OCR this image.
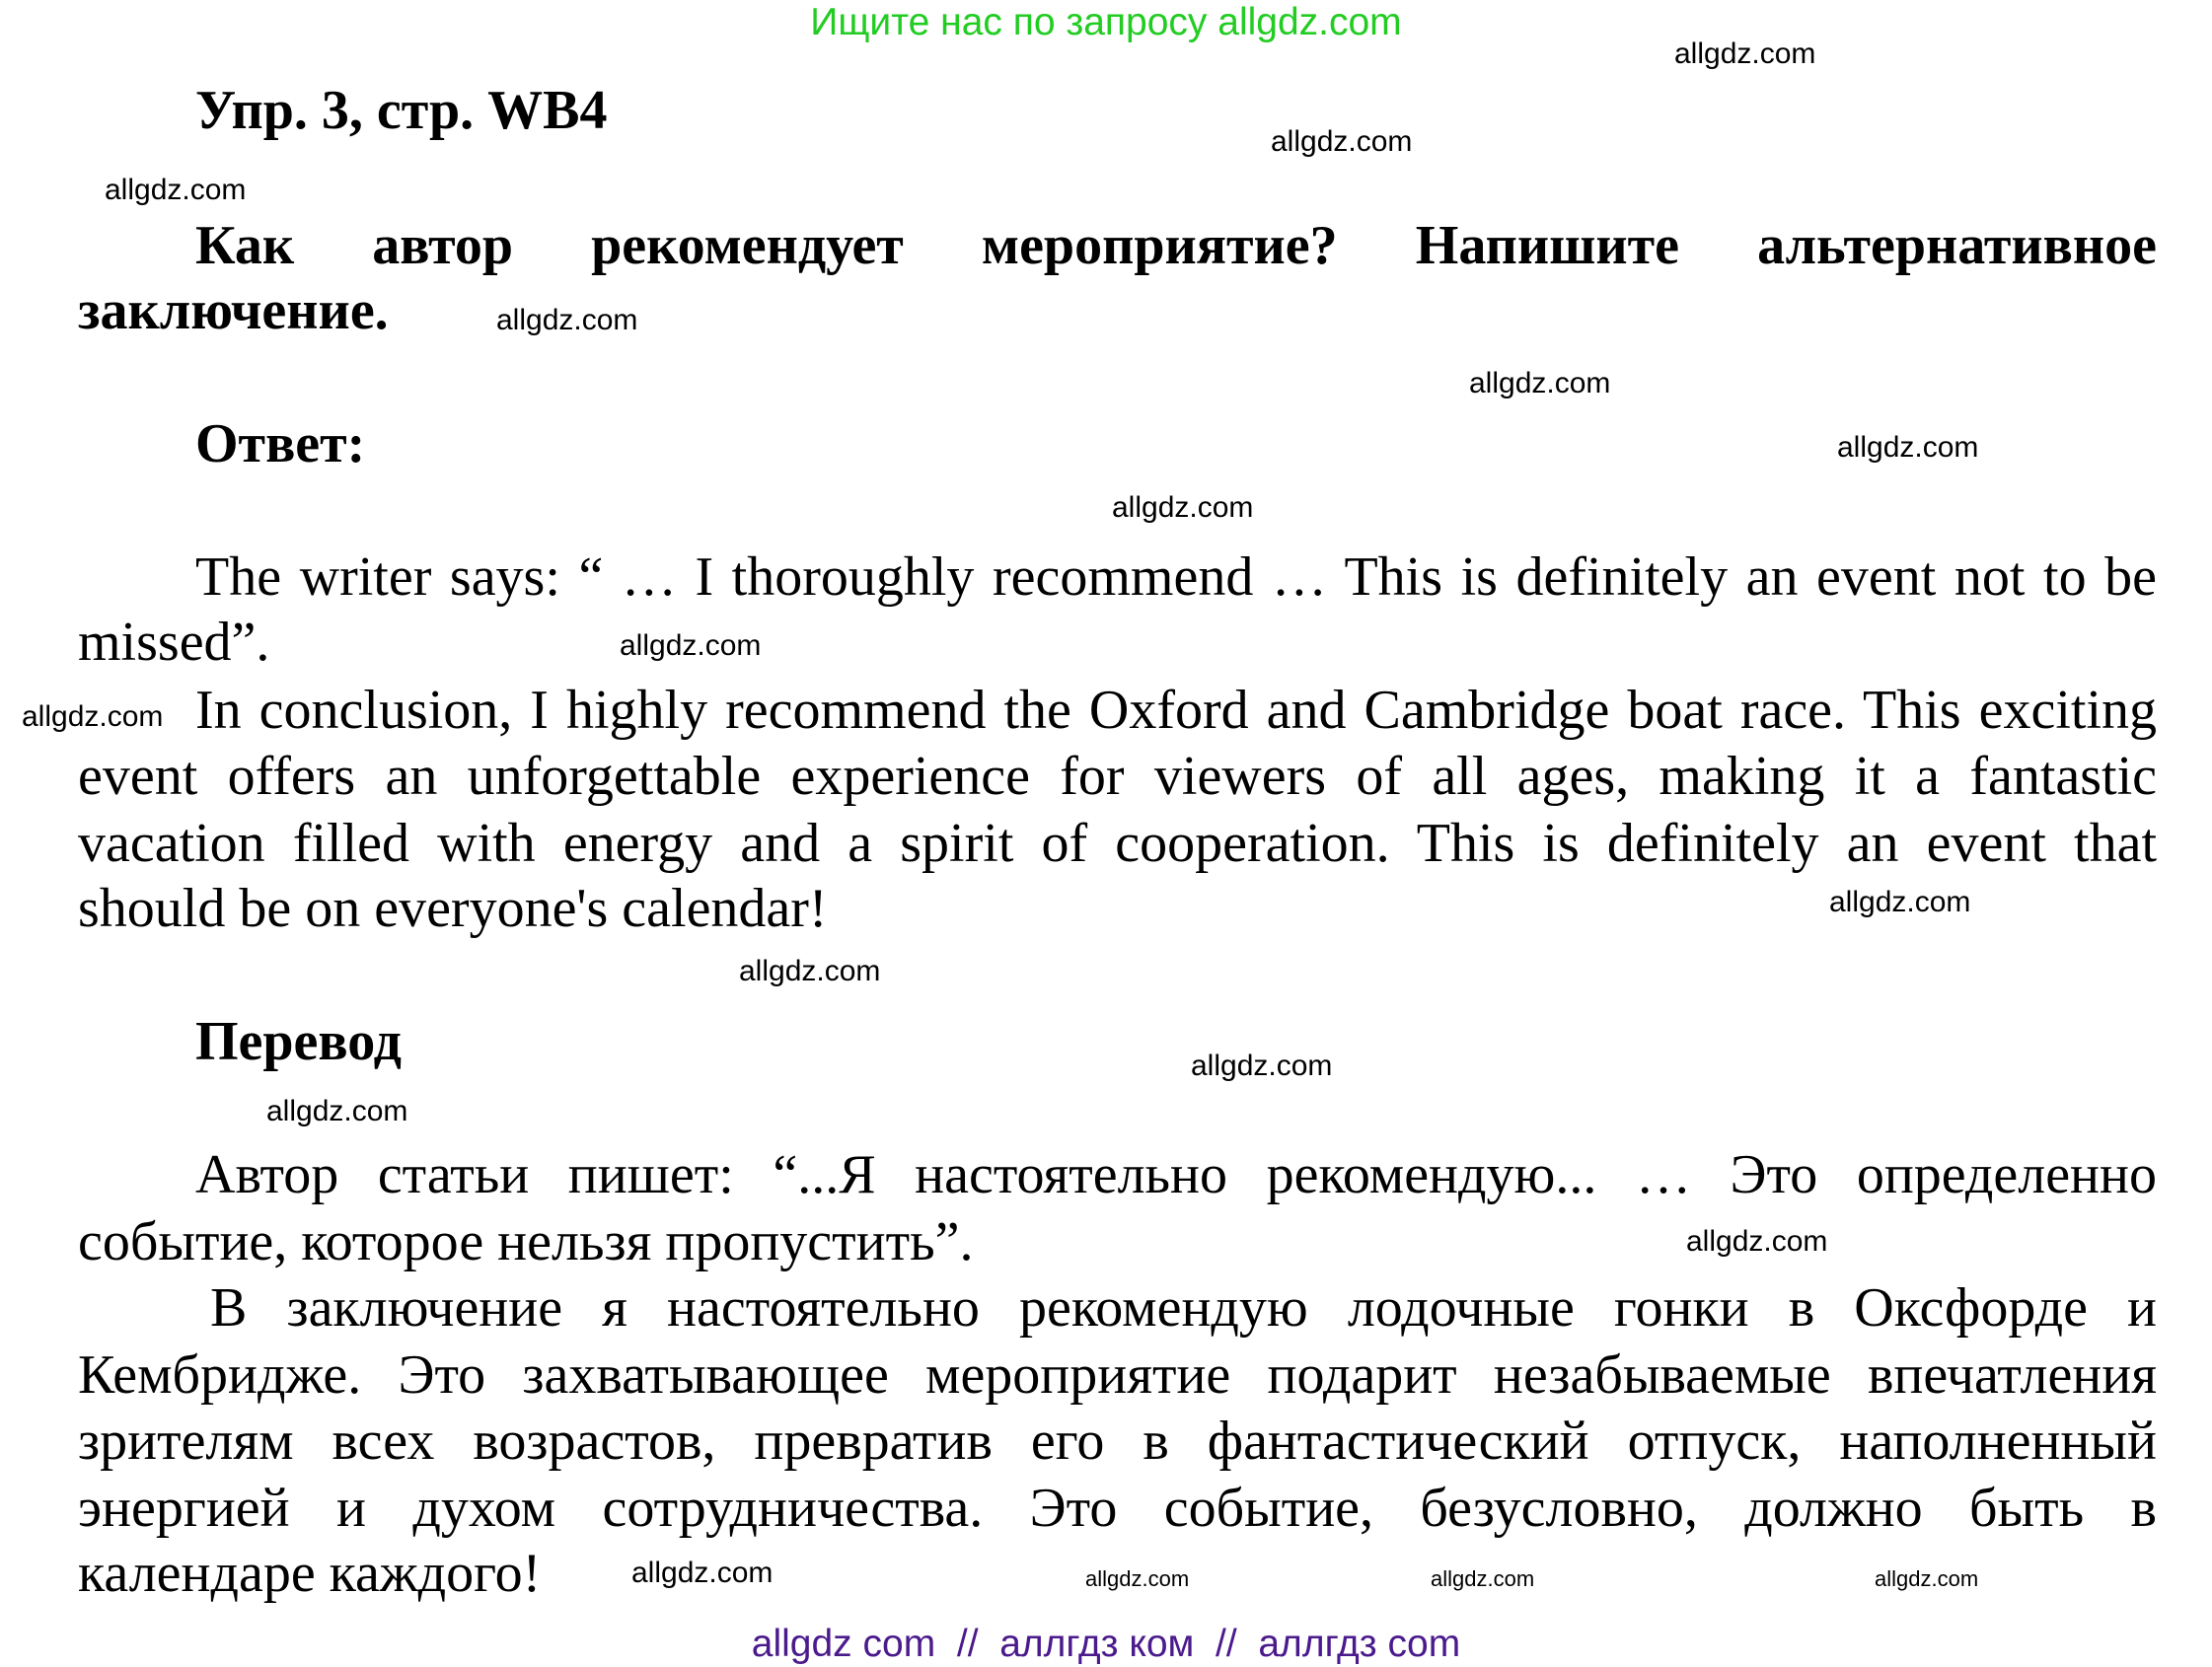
Ищите нас по запросу allgdz.com
Упр. 3, стр. WB4
Как автор рекомендует мероприятие? Напишите альтернативное
заключение.
Ответ:
The writer says: “ … I thoroughly recommend … This is definitely an event not to be
missed”.
In conclusion, I highly recommend the Oxford and Cambridge boat race. This exciting
event offers an unforgettable experience for viewers of all ages, making it a fantastic
vacation filled with energy and a spirit of cooperation. This is definitely an event that
should be on everyone's calendar!
Перевод
Автор статьи пишет: “...Я настоятельно рекомендую... … Это определенно
событие, которое нельзя пропустить”.
В заключение я настоятельно рекомендую лодочные гонки в Оксфорде и
Кембридже. Это захватывающее мероприятие подарит незабываемые впечатления
зрителям всех возрастов, превратив его в фантастический отпуск, наполненный
энергией и духом сотрудничества. Это событие, безусловно, должно быть в
календаре каждого!
allgdz.com
allgdz.com
allgdz.com
allgdz.com
allgdz.com
allgdz.com
allgdz.com
allgdz.com
allgdz.com
allgdz.com
allgdz.com
allgdz.com
allgdz.com
allgdz.com
allgdz.com
allgdz.com	allgdz.com
allgdz.com
allgdz com  //  аллгдз ком  //  аллгдз com
